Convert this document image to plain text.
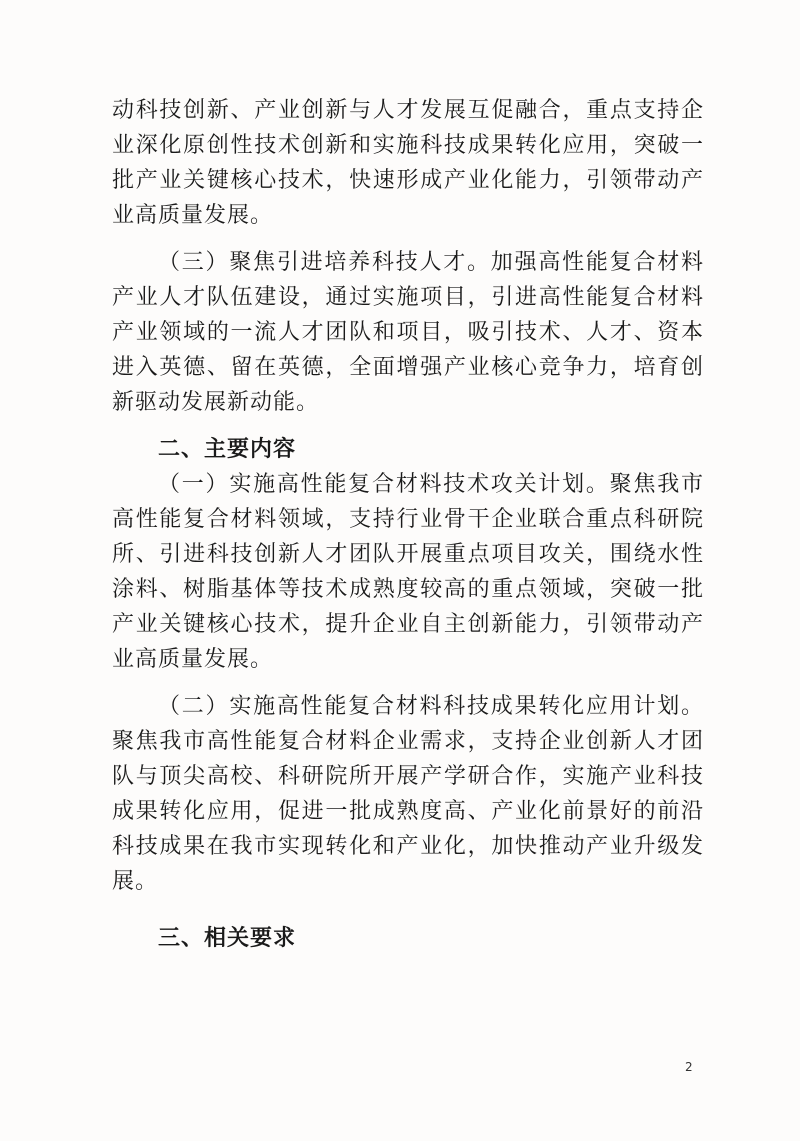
动科技创新、产业创新与人才发展互促融合，重点支持企业深化原创性技术创新和实施科技成果转化应用，突破一批产业关键核心技术，快速形成产业化能力，引领带动产业高质量发展。

（三）聚焦引进培养科技人才。加强高性能复合材料产业人才队伍建设，通过实施项目，引进高性能复合材料产业领域的一流人才团队和项目，吸引技术、人才、资本进入英德、留在英德，全面增强产业核心竞争力，培育创新驱动发展新动能。

二、主要内容

（一）实施高性能复合材料技术攻关计划。聚焦我市高性能复合材料领域，支持行业骨干企业联合重点科研院所、引进科技创新人才团队开展重点项目攻关，围绕水性涂料、树脂基体等技术成熟度较高的重点领域，突破一批产业关键核心技术，提升企业自主创新能力，引领带动产业高质量发展。

（二）实施高性能复合材料科技成果转化应用计划。聚焦我市高性能复合材料企业需求，支持企业创新人才团队与顶尖高校、科研院所开展产学研合作，实施产业科技成果转化应用，促进一批成熟度高、产业化前景好的前沿科技成果在我市实现转化和产业化，加快推动产业升级发展。

三、相关要求

2
